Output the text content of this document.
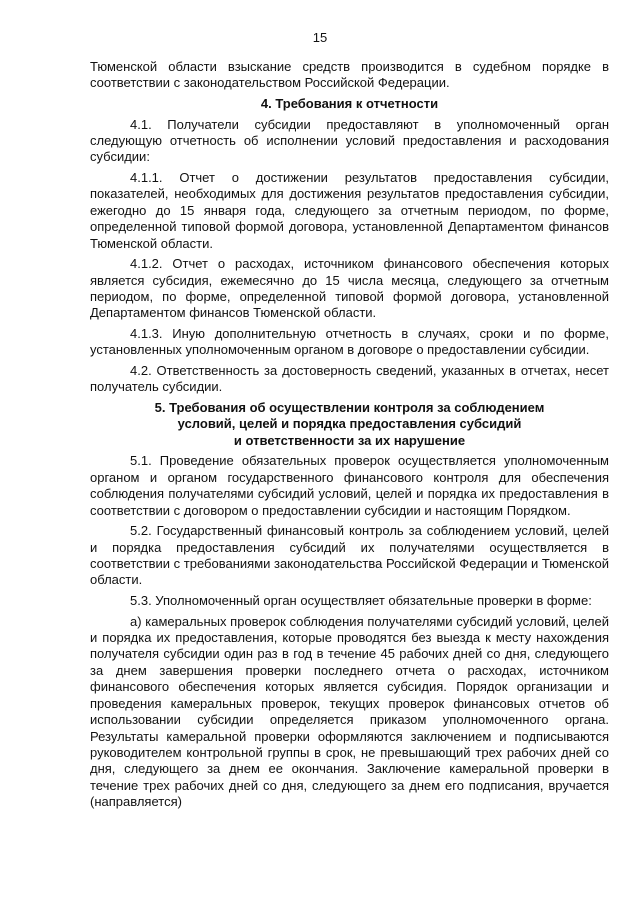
15

Тюменской области взыскание средств производится в судебном порядке в соответствии с законодательством Российской Федерации.

4. Требования к отчетности

4.1. Получатели субсидии предоставляют в уполномоченный орган следующую отчетность об исполнении условий предоставления и расходования субсидии:

4.1.1. Отчет о достижении результатов предоставления субсидии, показателей, необходимых для достижения результатов предоставления субсидии, ежегодно до 15 января года, следующего за отчетным периодом, по форме, определенной типовой формой договора, установленной Департаментом финансов Тюменской области.

4.1.2. Отчет о расходах, источником финансового обеспечения которых является субсидия, ежемесячно до 15 числа месяца, следующего за отчетным периодом, по форме, определенной типовой формой договора, установленной Департаментом финансов Тюменской области.

4.1.3. Иную дополнительную отчетность в случаях, сроки и по форме, установленных уполномоченным органом в договоре о предоставлении субсидии.

4.2. Ответственность за достоверность сведений, указанных в отчетах, несет получатель субсидии.

5. Требования об осуществлении контроля за соблюдением
условий, целей и порядка предоставления субсидий
и ответственности за их нарушение

5.1. Проведение обязательных проверок осуществляется уполномоченным органом и органом государственного финансового контроля для обеспечения соблюдения получателями субсидий условий, целей и порядка их предоставления в соответствии с договором о предоставлении субсидии и настоящим Порядком.

5.2. Государственный финансовый контроль за соблюдением условий, целей и порядка предоставления субсидий их получателями осуществляется в соответствии с требованиями законодательства Российской Федерации и Тюменской области.

5.3. Уполномоченный орган осуществляет обязательные проверки в форме:

а) камеральных проверок соблюдения получателями субсидий условий, целей и порядка их предоставления, которые проводятся без выезда к месту нахождения получателя субсидии один раз в год в течение 45 рабочих дней со дня, следующего за днем завершения проверки последнего отчета о расходах, источником финансового обеспечения которых является субсидия. Порядок организации и проведения камеральных проверок, текущих проверок финансовых отчетов об использовании субсидии определяется приказом уполномоченного органа. Результаты камеральной проверки оформляются заключением и подписываются руководителем контрольной группы в срок, не превышающий трех рабочих дней со дня, следующего за днем ее окончания. Заключение камеральной проверки в течение трех рабочих дней со дня, следующего за днем его подписания, вручается (направляется)
